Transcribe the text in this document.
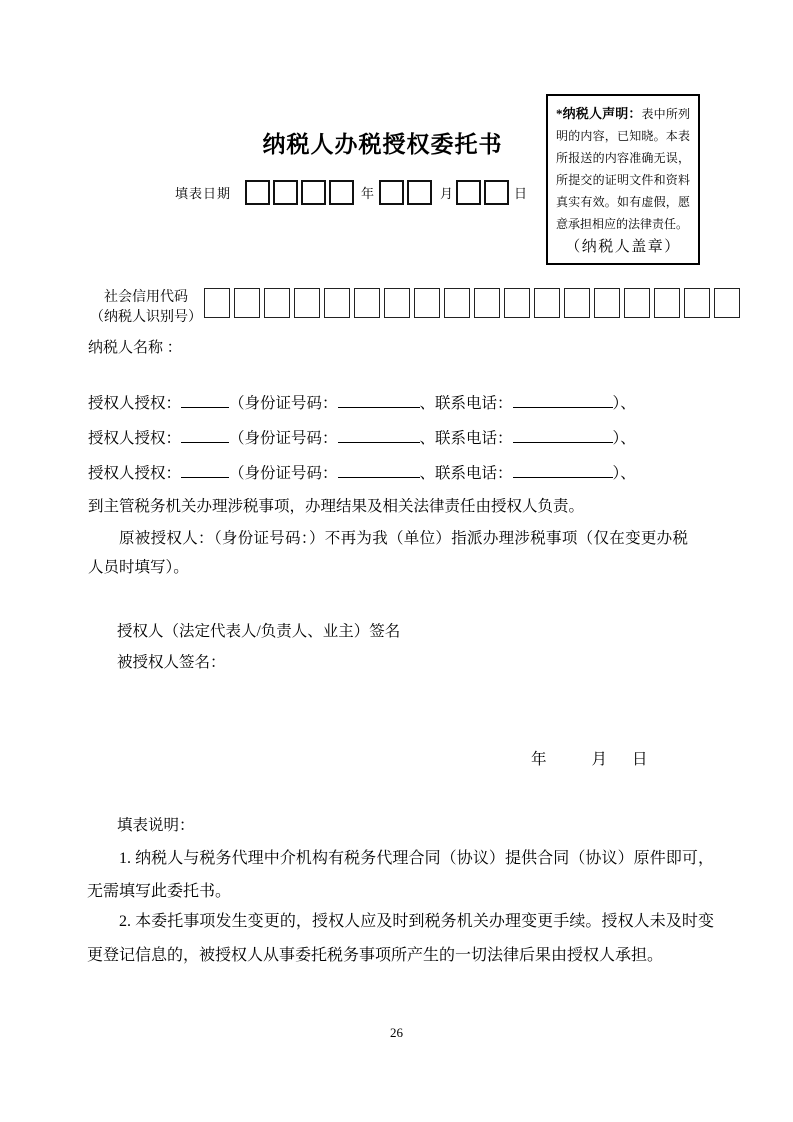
纳税人办税授权委托书
填表日期	年	月	日
*纳税人声明：表中所列明的内容，已知晓。本表所报送的内容准确无误，所提交的证明文件和资料真实有效。如有虚假，愿意承担相应的法律责任。
（纳税人盖章）
社会信用代码
（纳税人识别号）
纳税人名称 ：
授权人授权：	（身份证号码：	、联系电话：	）、
授权人授权：	（身份证号码：	、联系电话：	）、
授权人授权：	（身份证号码：	、联系电话：	）、
到主管税务机关办理涉税事项，办理结果及相关法律责任由授权人负责。
原被授权人：（身份证号码：）不再为我（单位）指派办理涉税事项（仅在变更办税人员时填写）。
授权人（法定代表人/负责人、业主）签名
被授权人签名：
年	月 日
填表说明：
1. 纳税人与税务代理中介机构有税务代理合同（协议）提供合同（协议）原件即可，无需填写此委托书。
2. 本委托事项发生变更的，授权人应及时到税务机关办理变更手续。授权人未及时变更登记信息的，被授权人从事委托税务事项所产生的一切法律后果由授权人承担。
26
